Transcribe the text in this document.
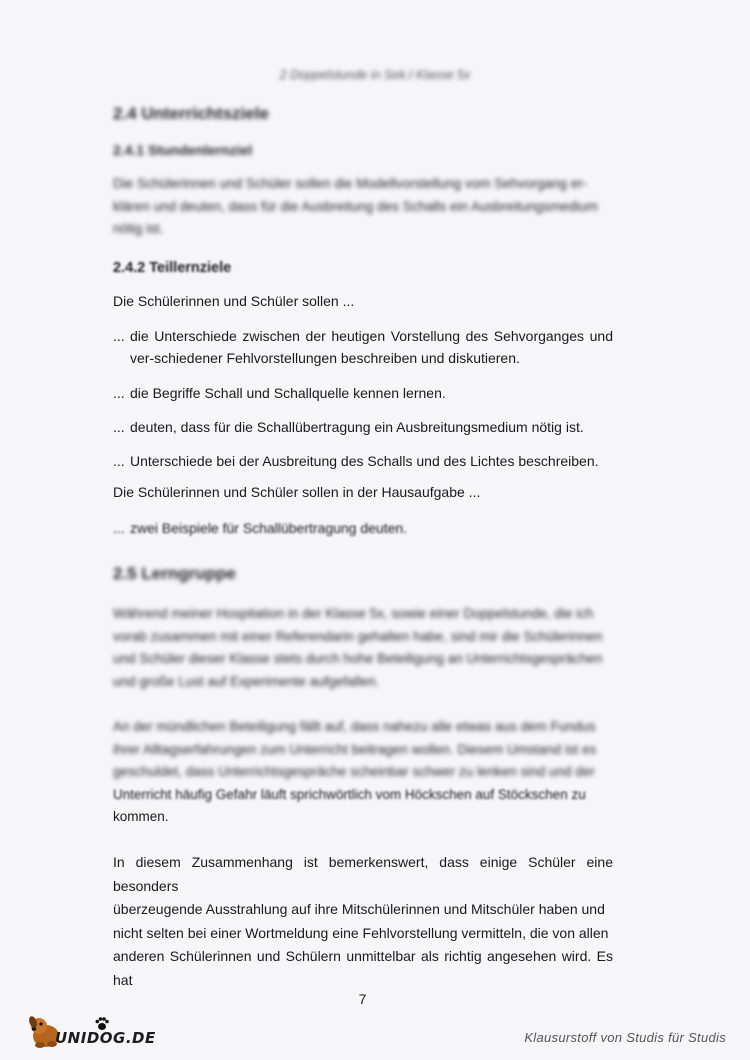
2 Doppelstunde in Sek.I Klasse 5x
2.4 Unterrichtsziele
2.4.1 Stundenlernziel
Die Schülerinnen und Schüler sollen die Modellvorstellung vom Sehvorgang er-
klären und deuten, dass für die Ausbreitung des Schalls ein Ausbreitungsmedium
nötig ist.
2.4.2 Teillernziele
Die Schülerinnen und Schüler sollen ...
... die Unterschiede zwischen der heutigen Vorstellung des Sehvorganges und ver-schiedener Fehlvorstellungen beschreiben und diskutieren.
... die Begriffe Schall und Schallquelle kennen lernen.
... deuten, dass für die Schallübertragung ein Ausbreitungsmedium nötig ist.
... Unterschiede bei der Ausbreitung des Schalls und des Lichtes beschreiben.
Die Schülerinnen und Schüler sollen in der Hausaufgabe ...
... zwei Beispiele für Schallübertragung deuten.
2.5 Lerngruppe
Während meiner Hospitation in der Klasse 5x, sowie einer Doppelstunde, die ich
vorab zusammen mit einer Referendarin gehalten habe, sind mir die Schülerinnen
und Schüler dieser Klasse stets durch hohe Beteiligung an Unterrichtsgesprächen
und große Lust auf Experimente aufgefallen.
An der mündlichen Beteiligung fällt auf, dass nahezu alle etwas aus dem Fundus
ihrer Alltagserfahrungen zum Unterricht beitragen wollen. Diesem Umstand ist es
geschuldet, dass Unterrichtsgespräche scheinbar schwer zu lenken sind und der
Unterricht häufig Gefahr läuft sprichwörtlich vom Höckschen auf Stöckschen zu
kommen.
In diesem Zusammenhang ist bemerkenswert, dass einige Schüler eine besonders
überzeugende Ausstrahlung auf ihre Mitschülerinnen und Mitschüler haben und
nicht selten bei einer Wortmeldung eine Fehlvorstellung vermitteln, die von allen
anderen Schülerinnen und Schülern unmittelbar als richtig angesehen wird. Es hat
7
UNIDOG.DE	Klausurstoff von Studis für Studis
